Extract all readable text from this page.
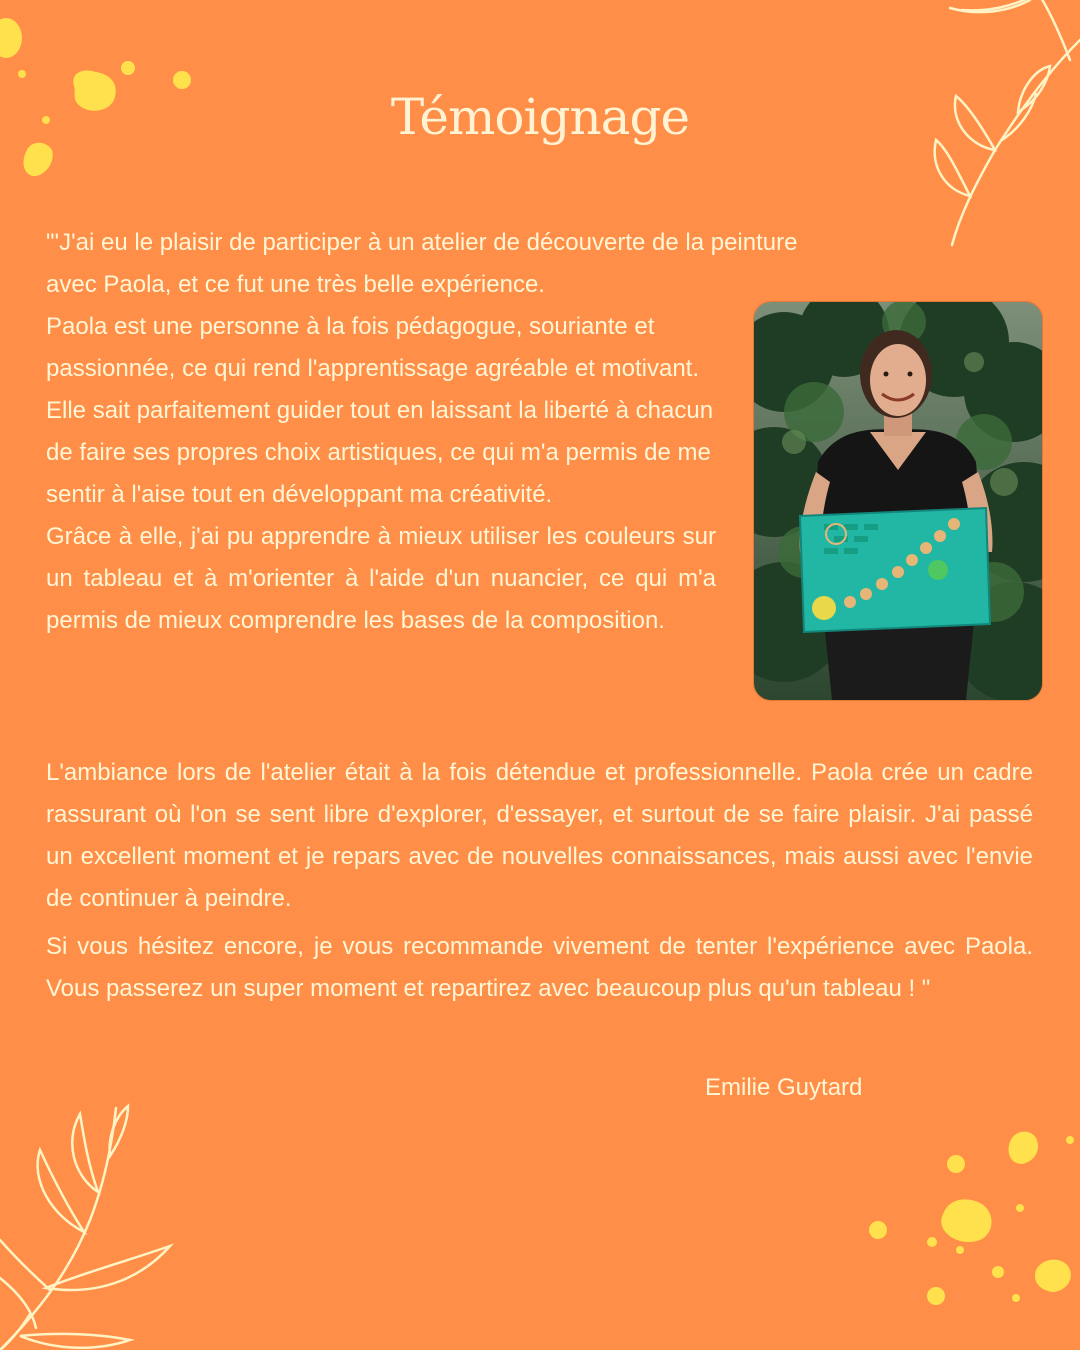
Témoignage

"'J'ai eu le plaisir de participer à un atelier de découverte de la peinture

avec Paola, et ce fut une très belle expérience.

Paola est une personne à la fois pédagogue, souriante et passionnée, ce qui rend l'apprentissage agréable et motivant. Elle sait parfaitement guider tout en laissant la liberté à chacun de faire ses propres choix artistiques, ce qui m'a permis de me sentir à l'aise tout en développant ma créativité.

Grâce à elle, j'ai pu apprendre à mieux utiliser les couleurs sur un tableau et à m'orienter à l'aide d'un nuancier, ce qui m'a permis de mieux comprendre les bases de la composition.

L'ambiance lors de l'atelier était à la fois détendue et professionnelle. Paola crée un cadre rassurant où l'on se sent libre d'explorer, d'essayer, et surtout de se faire plaisir. J'ai passé un excellent moment et je repars avec de nouvelles connaissances, mais aussi avec l'envie de continuer à peindre.

Si vous hésitez encore, je vous recommande vivement de tenter l'expérience avec Paola. Vous passerez un super moment et repartirez avec beaucoup plus qu'un tableau ! "

Emilie Guytard
